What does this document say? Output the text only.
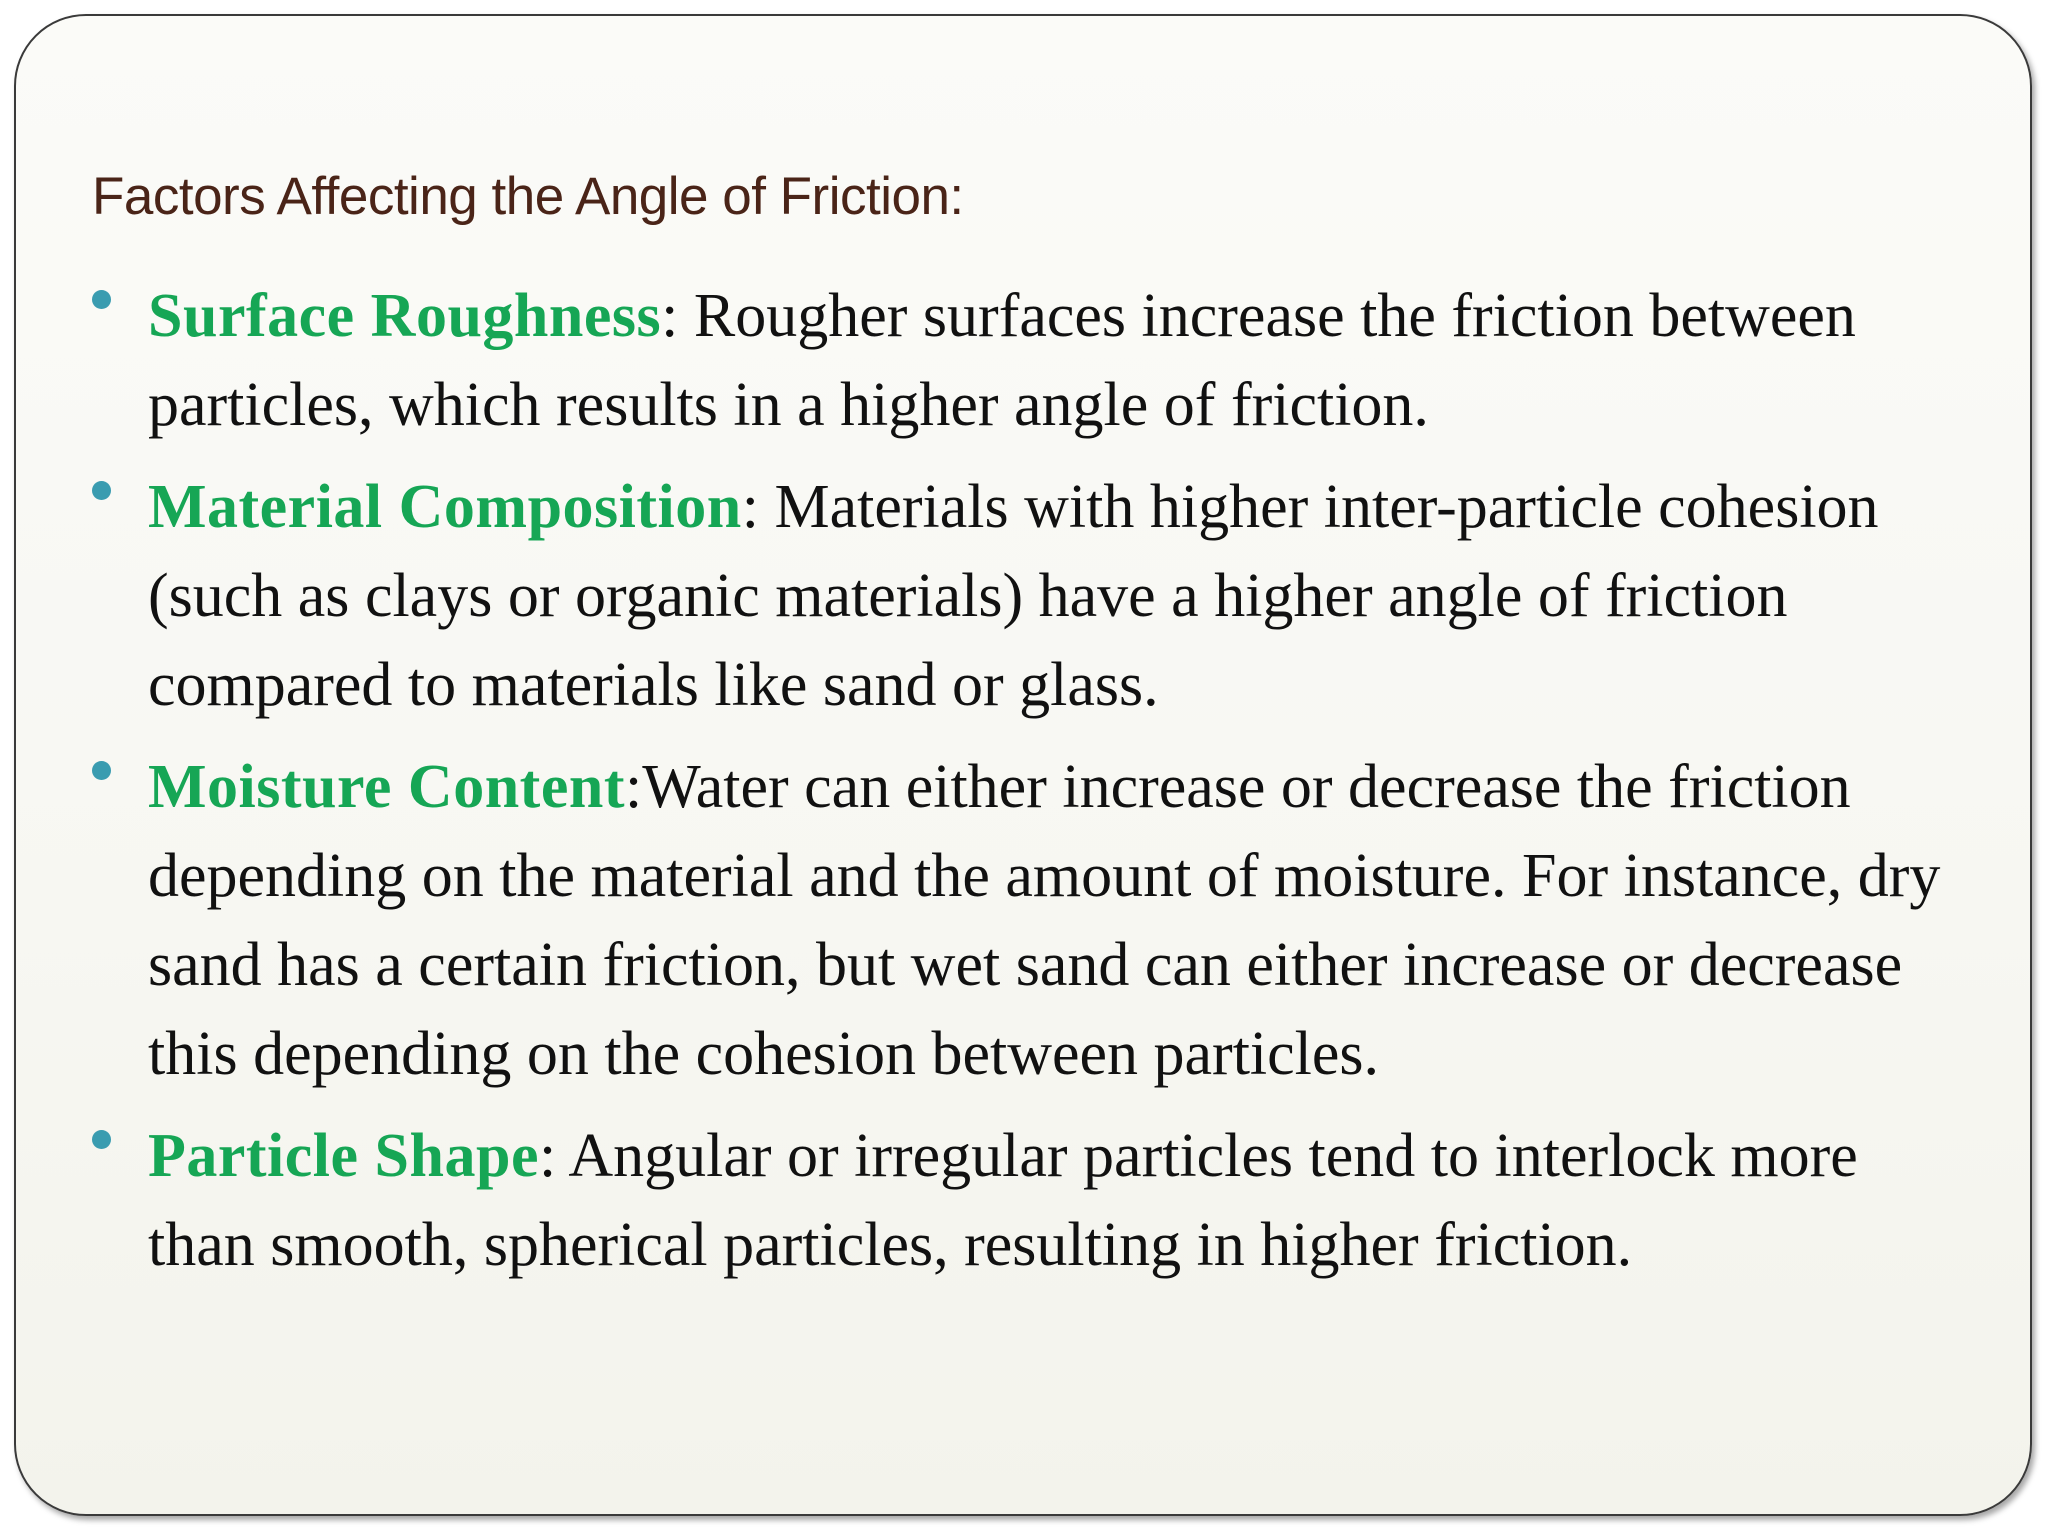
Factors Affecting the Angle of Friction:
Surface Roughness: Rougher surfaces increase the friction between particles, which results in a higher angle of friction.
Material Composition: Materials with higher inter-particle cohesion (such as clays or organic materials) have a higher angle of friction compared to materials like sand or glass.
Moisture Content:Water can either increase or decrease the friction depending on the material and the amount of moisture. For instance, dry sand has a certain friction, but wet sand can either increase or decrease this depending on the cohesion between particles.
Particle Shape: Angular or irregular particles tend to interlock more than smooth, spherical particles, resulting in higher friction.
